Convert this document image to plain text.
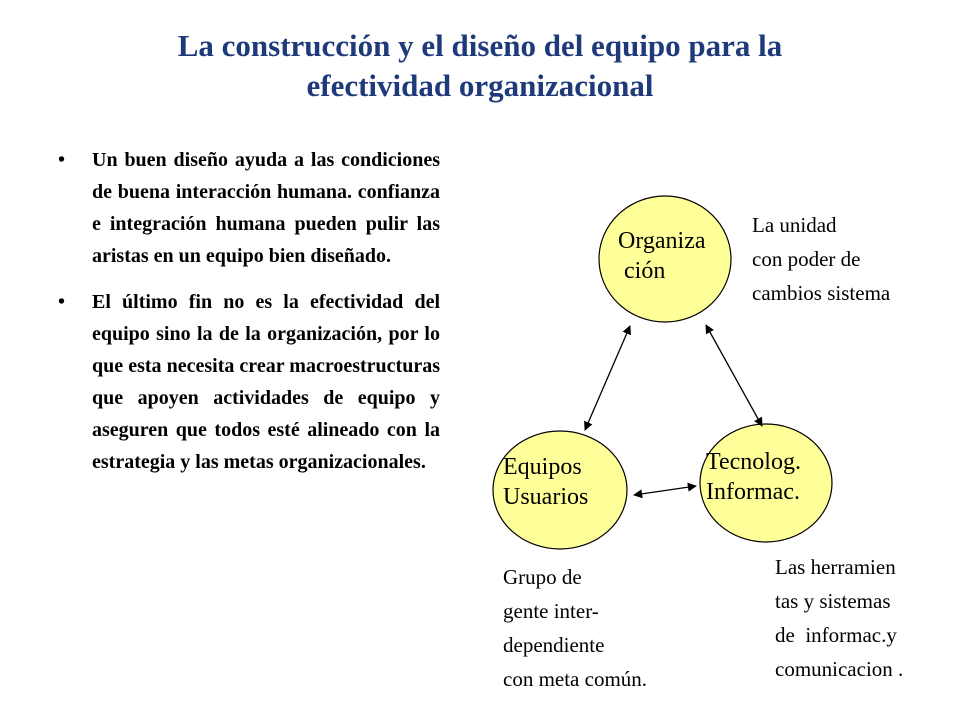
La construcción y el diseño del equipo para la
efectividad organizacional
• Un buen diseño ayuda a las condiciones de buena interacción humana. confianza e integración humana pueden pulir las aristas en un equipo bien diseñado.
• El último fin no es la efectividad del equipo sino la de la organización, por lo que esta necesita crear macroestructuras que apoyen actividades de equipo y aseguren que todos esté alineado con la estrategia y las metas organizacionales.
Organiza
ción
Equipos
Usuarios
Tecnolog.
Informac.
La unidad
con poder de
cambios sistema
Grupo de
gente inter-
dependiente
con meta común.
Las herramien
tas y sistemas
de  informac.y
comunicacion .
